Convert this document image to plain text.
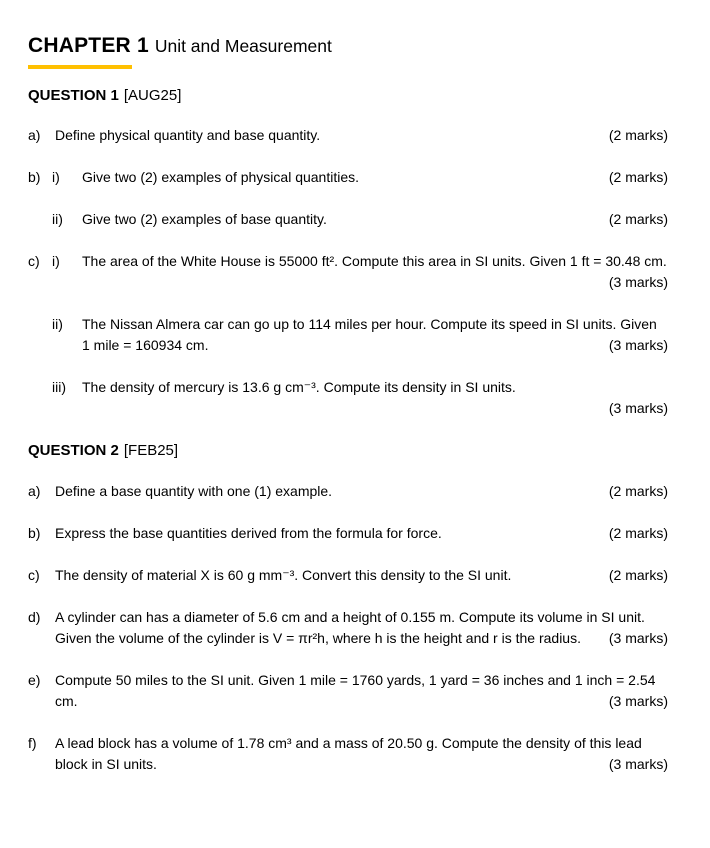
CHAPTER 1 Unit and Measurement
QUESTION 1 [AUG25]
a)	Define physical quantity and base quantity.	(2 marks)
b) i)	Give two (2) examples of physical quantities.	(2 marks)
ii)	Give two (2) examples of base quantity.	(2 marks)
c) i)	The area of the White House is 55000 ft². Compute this area in SI units. Given 1 ft = 30.48 cm.
(3 marks)
ii)	The Nissan Almera car can go up to 114 miles per hour. Compute its speed in SI units. Given 1 mile = 160934 cm.	(3 marks)
iii)	The density of mercury is 13.6 g cm⁻³. Compute its density in SI units.
(3 marks)
QUESTION 2 [FEB25]
a)	Define a base quantity with one (1) example.	(2 marks)
b)	Express the base quantities derived from the formula for force.	(2 marks)
c)	The density of material X is 60 g mm⁻³. Convert this density to the SI unit.	(2 marks)
d)	A cylinder can has a diameter of 5.6 cm and a height of 0.155 m. Compute its volume in SI unit. Given the volume of the cylinder is V = πr²h, where h is the height and r is the radius.	(3 marks)
e)	Compute 50 miles to the SI unit. Given 1 mile = 1760 yards, 1 yard = 36 inches and 1 inch = 2.54 cm.	(3 marks)
f)	A lead block has a volume of 1.78 cm³ and a mass of 20.50 g. Compute the density of this lead block in SI units.	(3 marks)
